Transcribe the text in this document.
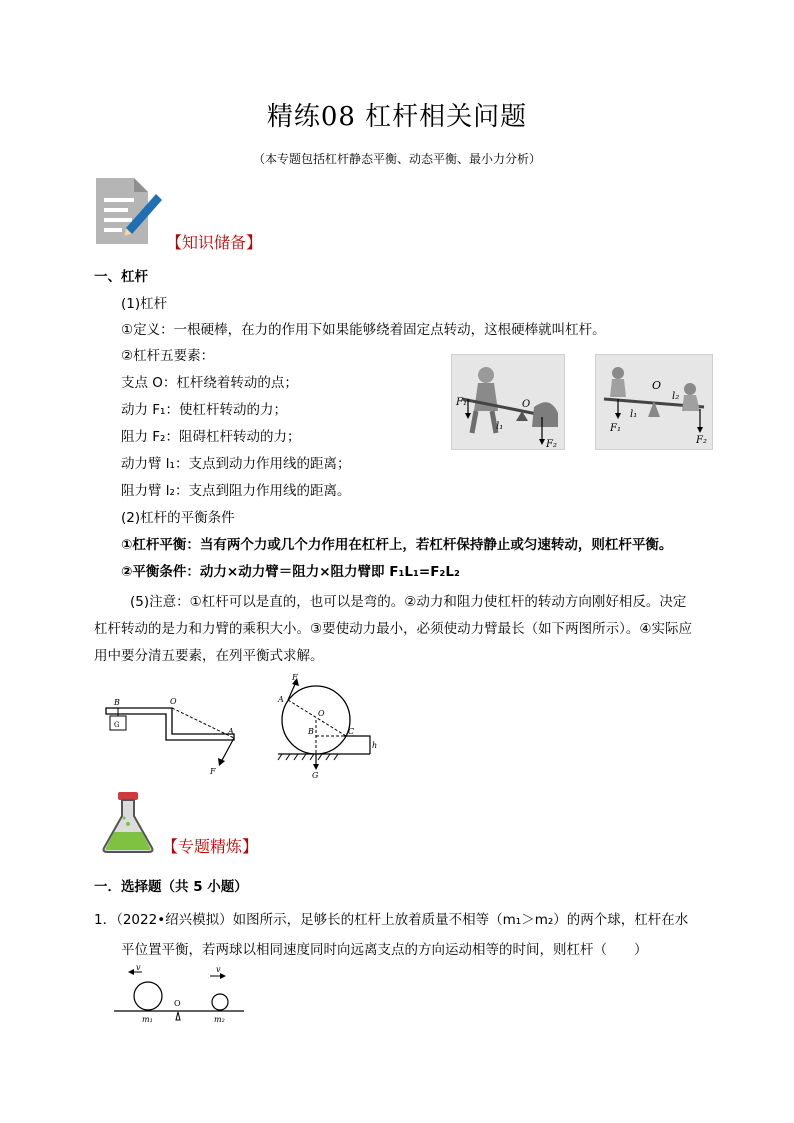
精练08 杠杆相关问题
（本专题包括杠杆静态平衡、动态平衡、最小力分析）
【知识储备】
一、杠杆
(1)杠杆
①定义：一根硬棒，在力的作用下如果能够绕着固定点转动，这根硬棒就叫杠杆。
②杠杆五要素：
支点 O：杠杆绕着转动的点；
动力 F₁：使杠杆转动的力；
阻力 F₂：阻碍杠杆转动的力；
动力臂 l₁：支点到动力作用线的距离；
阻力臂 l₂：支点到阻力作用线的距离。
(2)杠杆的平衡条件
①杠杆平衡：当有两个力或几个力作用在杠杆上，若杠杆保持静止或匀速转动，则杠杆平衡。
②平衡条件：动力×动力臂＝阻力×阻力臂即 F₁L₁=F₂L₂
F₁	O
l₁
F₂
O
l₂
l₁
F₁
F₂
(5)注意：①杠杆可以是直的，也可以是弯的。②动力和阻力使杠杆的转动方向刚好相反。决定
杠杆转动的是力和力臂的乘积大小。③要使动力最小，必须使动力臂最长（如下两图所示）。④实际应
用中要分清五要素，在列平衡式求解。
B	O
G
A
F
F
A
O
B	C
h
G
【专题精炼】
一．选择题（共 5 小题）
1．（2022•绍兴模拟）如图所示，足够长的杠杆上放着质量不相等（m₁＞m₂）的两个球，杠杆在水
平位置平衡，若两球以相同速度同时向远离支点的方向运动相等的时间，则杠杆（　　）
v	v
O
m₁	m₂
